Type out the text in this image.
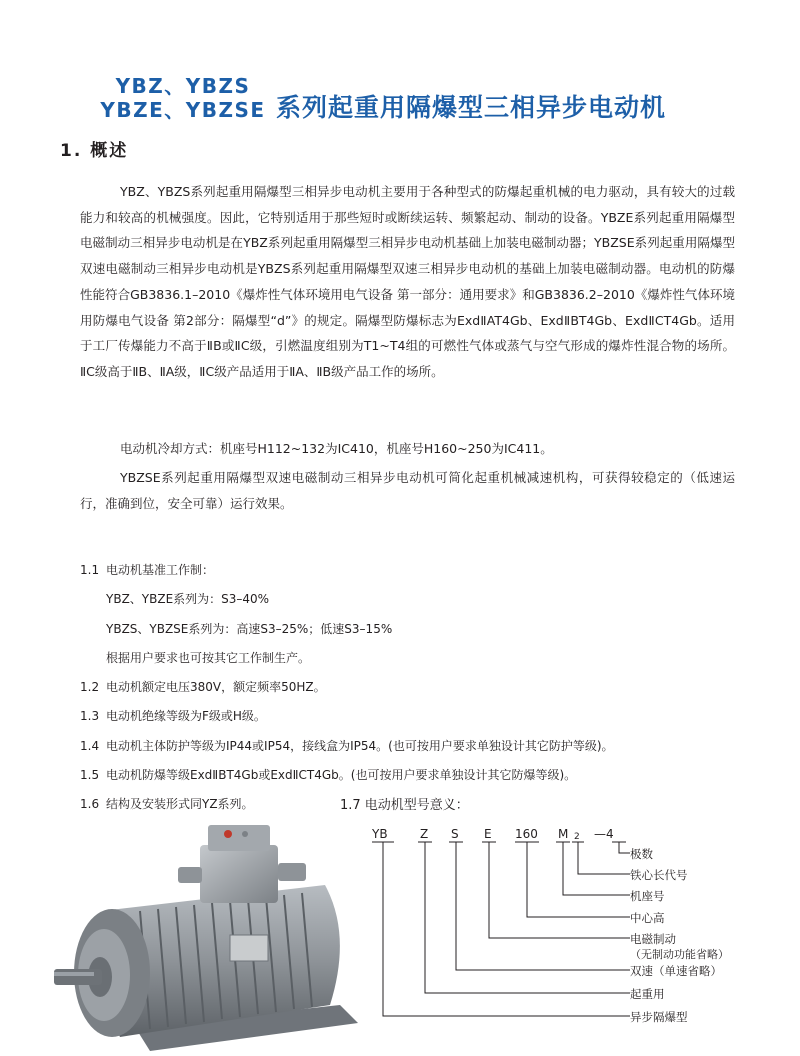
YBZ、YBZS
YBZE、YBZSE 系列起重用隔爆型三相异步电动机
1. 概述
YBZ、YBZS系列起重用隔爆型三相异步电动机主要用于各种型式的防爆起重机械的电力驱动，具有较大的过载能力和较高的机械强度。因此，它特别适用于那些短时或断续运转、频繁起动、制动的设备。YBZE系列起重用隔爆型电磁制动三相异步电动机是在YBZ系列起重用隔爆型三相异步电动机基础上加装电磁制动器；YBZSE系列起重用隔爆型双速电磁制动三相异步电动机是YBZS系列起重用隔爆型双速三相异步电动机的基础上加装电磁制动器。电动机的防爆性能符合GB3836.1–2010《爆炸性气体环境用电气设备 第一部分：通用要求》和GB3836.2–2010《爆炸性气体环境用防爆电气设备 第2部分：隔爆型“d”》的规定。隔爆型防爆标志为ExdⅡAT4Gb、ExdⅡBT4Gb、ExdⅡCT4Gb。适用于工厂传爆能力不高于ⅡB或ⅡC级，引燃温度组别为T1~T4组的可燃性气体或蒸气与空气形成的爆炸性混合物的场所。ⅡC级高于ⅡB、ⅡA级，ⅡC级产品适用于ⅡA、ⅡB级产品工作的场所。
电动机冷却方式：机座号H112~132为IC410，机座号H160~250为IC411。
YBZSE系列起重用隔爆型双速电磁制动三相异步电动机可简化起重机械减速机构，可获得较稳定的（低速运行，准确到位，安全可靠）运行效果。
1.1 电动机基准工作制：
YBZ、YBZE系列为：S3–40%
YBZS、YBZSE系列为：高速S3–25%；低速S3–15%
根据用户要求也可按其它工作制生产。
1.2 电动机额定电压380V，额定频率50HZ。
1.3 电动机绝缘等级为F级或H级。
1.4 电动机主体防护等级为IP44或IP54，接线盒为IP54。(也可按用户要求单独设计其它防护等级)。
1.5 电动机防爆等级ExdⅡBT4Gb或ExdⅡCT4Gb。(也可按用户要求单独设计其它防爆等级)。
1.6 结构及安装形式同YZ系列。	1.7 电动机型号意义：
YB	Z S E 160 M 2 —4
极数
铁心长代号
机座号
中心高
电磁制动
（无制动功能省略）
双速（单速省略）
起重用
异步隔爆型
